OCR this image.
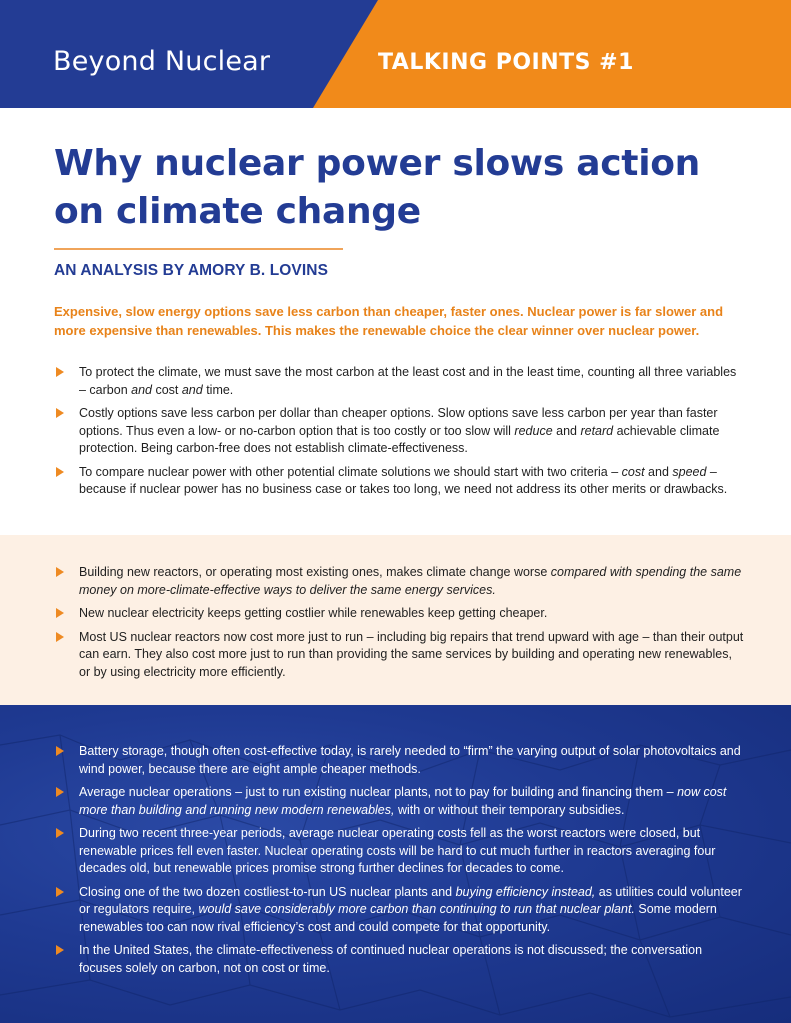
Beyond Nuclear	TALKING POINTS #1
Why nuclear power slows action on climate change
AN ANALYSIS BY AMORY B. LOVINS

Expensive, slow energy options save less carbon than cheaper, faster ones. Nuclear power is far slower and more expensive than renewables. This makes the renewable choice the clear winner over nuclear power.

To protect the climate, we must save the most carbon at the least cost and in the least time, counting all three variables – carbon and cost and time.
Costly options save less carbon per dollar than cheaper options. Slow options save less carbon per year than faster options. Thus even a low- or no-carbon option that is too costly or too slow will reduce and retard achievable climate protection. Being carbon-free does not establish climate-effectiveness.
To compare nuclear power with other potential climate solutions we should start with two criteria – cost and speed – because if nuclear power has no business case or takes too long, we need not address its other merits or drawbacks.
Building new reactors, or operating most existing ones, makes climate change worse compared with spending the same money on more-climate-effective ways to deliver the same energy services.
New nuclear electricity keeps getting costlier while renewables keep getting cheaper.
Most US nuclear reactors now cost more just to run – including big repairs that trend upward with age – than their output can earn. They also cost more just to run than providing the same services by building and operating new renewables, or by using electricity more efficiently.
Battery storage, though often cost-effective today, is rarely needed to “firm” the varying output of solar photovoltaics and wind power, because there are eight ample cheaper methods.
Average nuclear operations – just to run existing nuclear plants, not to pay for building and financing them – now cost more than building and running new modern renewables, with or without their temporary subsidies.
During two recent three-year periods, average nuclear operating costs fell as the worst reactors were closed, but renewable prices fell even faster. Nuclear operating costs will be hard to cut much further in reactors averaging four decades old, but renewable prices promise strong further declines for decades to come.
Closing one of the two dozen costliest-to-run US nuclear plants and buying efficiency instead, as utilities could volunteer or regulators require, would save considerably more carbon than continuing to run that nuclear plant. Some modern renewables too can now rival efficiency’s cost and could compete for that opportunity.
In the United States, the climate-effectiveness of continued nuclear operations is not discussed; the conversation focuses solely on carbon, not on cost or time.
